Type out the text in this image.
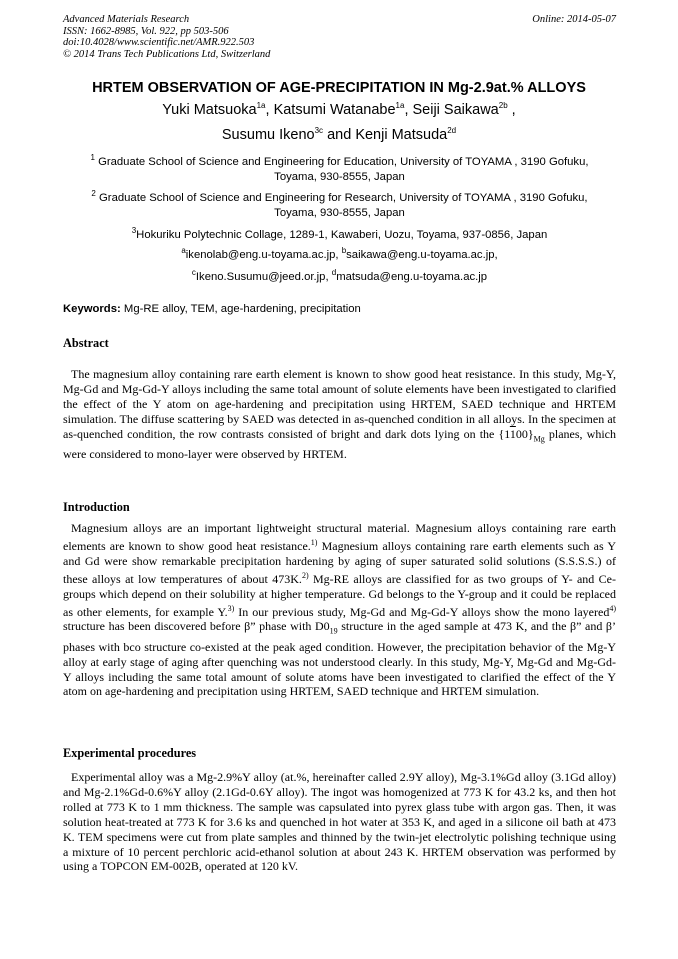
Advanced Materials Research
ISSN: 1662-8985, Vol. 922, pp 503-506
doi:10.4028/www.scientific.net/AMR.922.503
© 2014 Trans Tech Publications Ltd, Switzerland
Online: 2014-05-07
HRTEM OBSERVATION OF AGE-PRECIPITATION IN Mg-2.9at.% ALLOYS
Yuki Matsuoka$^{1a}$, Katsumi Watanabe$^{1a}$, Seiji Saikawa$^{2b}$ ,
Susumu Ikeno$^{3c}$ and Kenji Matsuda$^{2d}$
$^1$ Graduate School of Science and Engineering for Education, University of TOYAMA , 3190 Gofuku,
Toyama, 930-8555, Japan
$^2$ Graduate School of Science and Engineering for Research, University of TOYAMA , 3190 Gofuku,
Toyama, 930-8555, Japan
$^3$Hokuriku Polytechnic Collage, 1289-1, Kawaberi, Uozu, Toyama, 937-0856, Japan
$^a$ikenolab@eng.u-toyama.ac.jp, $^b$saikawa@eng.u-toyama.ac.jp,
$^c$Ikeno.Susumu@jeed.or.jp, $^d$matsuda@eng.u-toyama.ac.jp
Keywords: Mg-RE alloy, TEM, age-hardening, precipitation
Abstract

The magnesium alloy containing rare earth element is known to show good heat resistance. In this study, Mg-Y, Mg-Gd and Mg-Gd-Y alloys including the same total amount of solute elements have been investigated to clarified the effect of the Y atom on age-hardening and precipitation using HRTEM, SAED technique and HRTEM simulation. The diffuse scattering by SAED was detected in as-quenched condition in all alloys. In the specimen at as-quenched condition, the row contrasts consisted of bright and dark dots lying on the $\{1100\}_{Mg}$ planes, which were considered to mono-layer were observed by HRTEM.

Introduction

Magnesium alloys are an important lightweight structural material. Magnesium alloys containing rare earth elements are known to show good heat resistance.$^{1)}$ Magnesium alloys containing rare earth elements such as Y and Gd were show remarkable precipitation hardening by aging of super saturated solid solutions (S.S.S.S.) of these alloys at low temperatures of about 473K.$^{2)}$ Mg-RE alloys are classified for as two groups of Y- and Ce-groups which depend on their solubility at higher temperature. Gd belongs to the Y-group and it could be replaced as other elements, for example Y.$^{3)}$ In our previous study, Mg-Gd and Mg-Gd-Y alloys show the mono layered$^{4)}$ structure has been discovered before β” phase with $D0_{19}$ structure in the aged sample at 473 K, and the β” and β’ phases with bco structure co-existed at the peak aged condition. However, the precipitation behavior of the Mg-Y alloy at early stage of aging after quenching was not understood clearly. In this study, Mg-Y, Mg-Gd and Mg-Gd-Y alloys including the same total amount of solute atoms have been investigated to clarified the effect of the Y atom on age-hardening and precipitation using HRTEM, SAED technique and HRTEM simulation.

Experimental procedures

Experimental alloy was a Mg-2.9%Y alloy (at.%, hereinafter called 2.9Y alloy), Mg-3.1%Gd alloy (3.1Gd alloy) and Mg-2.1%Gd-0.6%Y alloy (2.1Gd-0.6Y alloy). The ingot was homogenized at 773 K for 43.2 ks, and then hot rolled at 773 K to 1 mm thickness. The sample was capsulated into pyrex glass tube with argon gas. Then, it was solution heat-treated at 773 K for 3.6 ks and quenched in hot water at 353 K, and aged in a silicone oil bath at 473 K. TEM specimens were cut from plate samples and thinned by the twin-jet electrolytic polishing technique using a mixture of 10 percent perchloric acid-ethanol solution at about 243 K. HRTEM observation was performed by using a TOPCON EM-002B, operated at 120 kV.
